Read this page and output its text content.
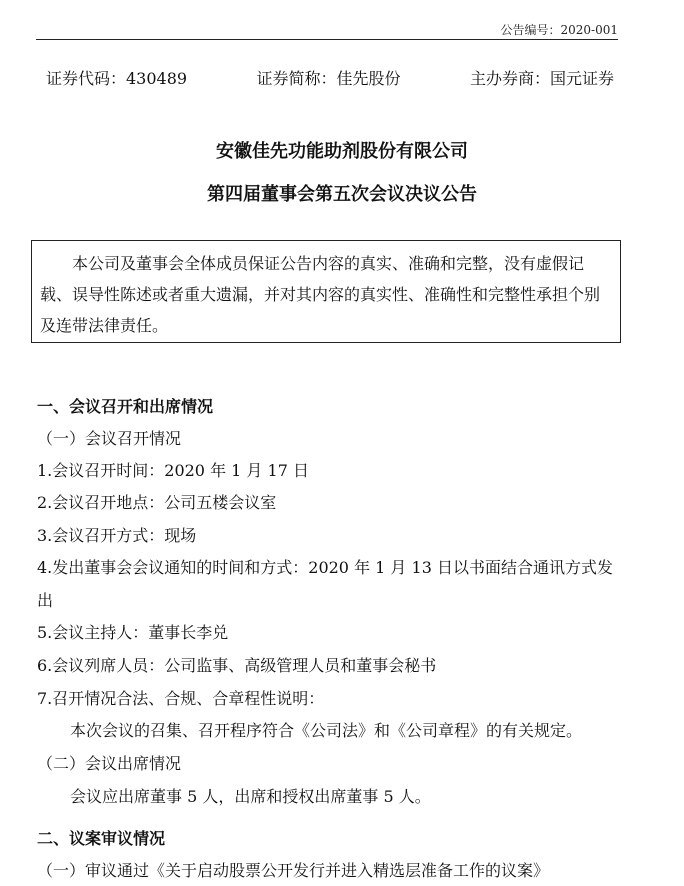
公告编号：2020-001
证券代码：430489	证券简称：佳先股份	主办券商：国元证券
安徽佳先功能助剂股份有限公司
第四届董事会第五次会议决议公告

本公司及董事会全体成员保证公告内容的真实、准确和完整，没有虚假记载、误导性陈述或者重大遗漏，并对其内容的真实性、准确性和完整性承担个别及连带法律责任。

一、会议召开和出席情况
（一）会议召开情况
1.会议召开时间：2020 年 1 月 17 日
2.会议召开地点：公司五楼会议室
3.会议召开方式：现场
4.发出董事会会议通知的时间和方式：2020 年 1 月 13 日以书面结合通讯方式发
出
5.会议主持人：董事长李兑
6.会议列席人员：公司监事、高级管理人员和董事会秘书
7.召开情况合法、合规、合章程性说明：
本次会议的召集、召开程序符合《公司法》和《公司章程》的有关规定。
（二）会议出席情况
会议应出席董事 5 人，出席和授权出席董事 5 人。
二、议案审议情况
（一）审议通过《关于启动股票公开发行并进入精选层准备工作的议案》
